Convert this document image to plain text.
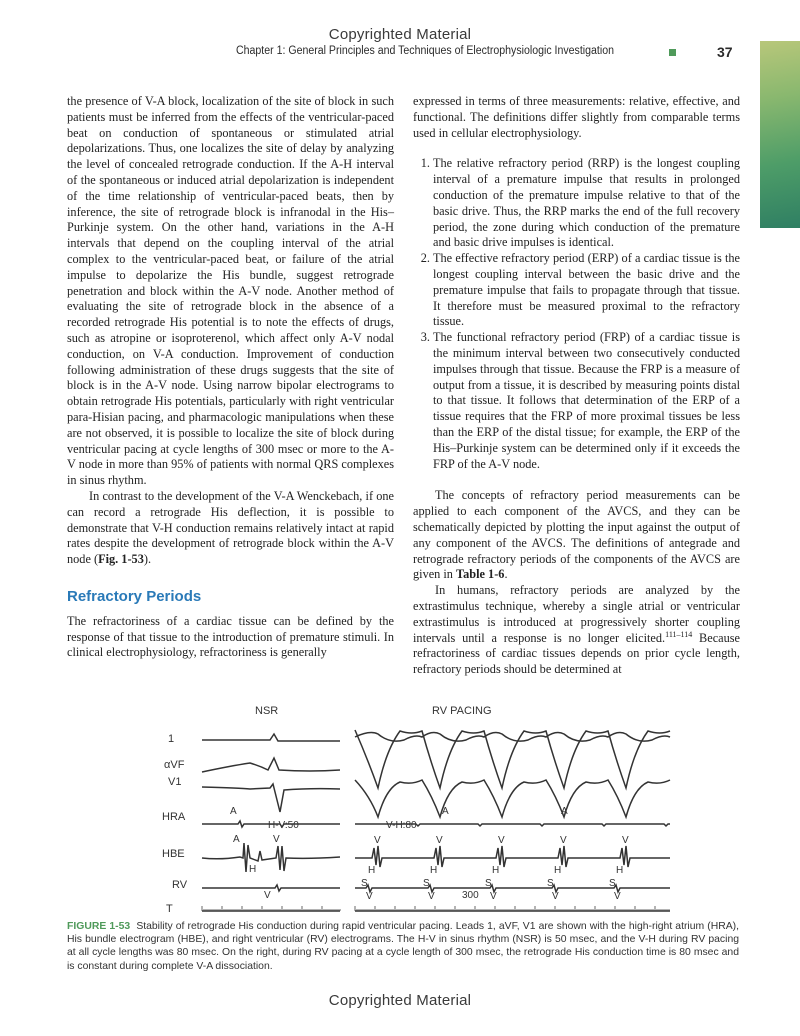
Copyrighted Material
Chapter 1: General Principles and Techniques of Electrophysiologic Investigation	37

the presence of V-A block, localization of the site of block in such patients must be inferred from the effects of the ventricular-paced beat on conduction of spontaneous or stimulated atrial depolarizations. Thus, one localizes the site of delay by analyzing the level of concealed retrograde conduction. If the A-H interval of the spontaneous or induced atrial depolarization is independent of the time relationship of ventricular-paced beats, then by inference, the site of retrograde block is infranodal in the His–Purkinje system. On the other hand, variations in the A-H intervals that depend on the coupling interval of the atrial complex to the ventricular-paced beat, or failure of the atrial impulse to depolarize the His bundle, suggest retrograde penetration and block within the A-V node. Another method of evaluating the site of retrograde block in the absence of a recorded retrograde His potential is to note the effects of drugs, such as atropine or isoproterenol, which affect only A-V nodal conduction, on V-A conduction. Improvement of conduction following administration of these drugs suggests that the site of block is in the A-V node. Using narrow bipolar electrograms to obtain retrograde His potentials, particularly with right ventricular para-Hisian pacing, and pharmacologic manipulations when these are not observed, it is possible to localize the site of block during ventricular pacing at cycle lengths of 300 msec or more to the A-V node in more than 95% of patients with normal QRS complexes in sinus rhythm.

In contrast to the development of the V-A Wenckebach, if one can record a retrograde His deflection, it is possible to demonstrate that V-H conduction remains relatively intact at rapid rates despite the development of retrograde block within the A-V node (Fig. 1-53).

Refractory Periods

The refractoriness of a cardiac tissue can be defined by the response of that tissue to the introduction of premature stimuli. In clinical electrophysiology, refractoriness is generally

expressed in terms of three measurements: relative, effective, and functional. The definitions differ slightly from comparable terms used in cellular electrophysiology.

1. The relative refractory period (RRP) is the longest coupling interval of a premature impulse that results in prolonged conduction of the premature impulse relative to that of the basic drive. Thus, the RRP marks the end of the full recovery period, the zone during which conduction of the premature and basic drive impulses is identical.
2. The effective refractory period (ERP) of a cardiac tissue is the longest coupling interval between the basic drive and the premature impulse that fails to propagate through that tissue. It therefore must be measured proximal to the refractory tissue.
3. The functional refractory period (FRP) of a cardiac tissue is the minimum interval between two consecutively conducted impulses through that tissue. Because the FRP is a measure of output from a tissue, it is described by measuring points distal to that tissue. It follows that determination of the ERP of a tissue requires that the FRP of more proximal tissues be less than the ERP of the distal tissue; for example, the ERP of the His–Purkinje system can be determined only if it exceeds the FRP of the A-V node.

The concepts of refractory period measurements can be applied to each component of the AVCS, and they can be schematically depicted by plotting the input against the output of any component of the AVCS. The definitions of antegrade and retrograde refractory periods of the components of the AVCS are given in Table 1-6.

In humans, refractory periods are analyzed by the extrastimulus technique, whereby a single atrial or ventricular extrastimulus is introduced at progressively shorter coupling intervals until a response is no longer elicited.$^{111-114}$ Because refractoriness of cardiac tissues depends on prior cycle length, refractory periods should be determined at

NSR	RV PACING
1
αVF
V1
HRA
HBE
RV
T
A
H-V:50
A	V
H
V
A	A
V-H:80
300
S
V
V
H
S
V
V
H
S
V
V
H
S
V
V
H
S
V
V
H
FIGURE 1-53 Stability of retrograde His conduction during rapid ventricular pacing. Leads 1, aVF, V1 are shown with the high-right atrium (HRA), His bundle electrogram (HBE), and right ventricular (RV) electrograms. The H-V in sinus rhythm (NSR) is 50 msec, and the V-H during RV pacing at all cycle lengths was 80 msec. On the right, during RV pacing at a cycle length of 300 msec, the retrograde His conduction time is 80 msec and is constant during complete V-A dissociation.
Copyrighted Material
